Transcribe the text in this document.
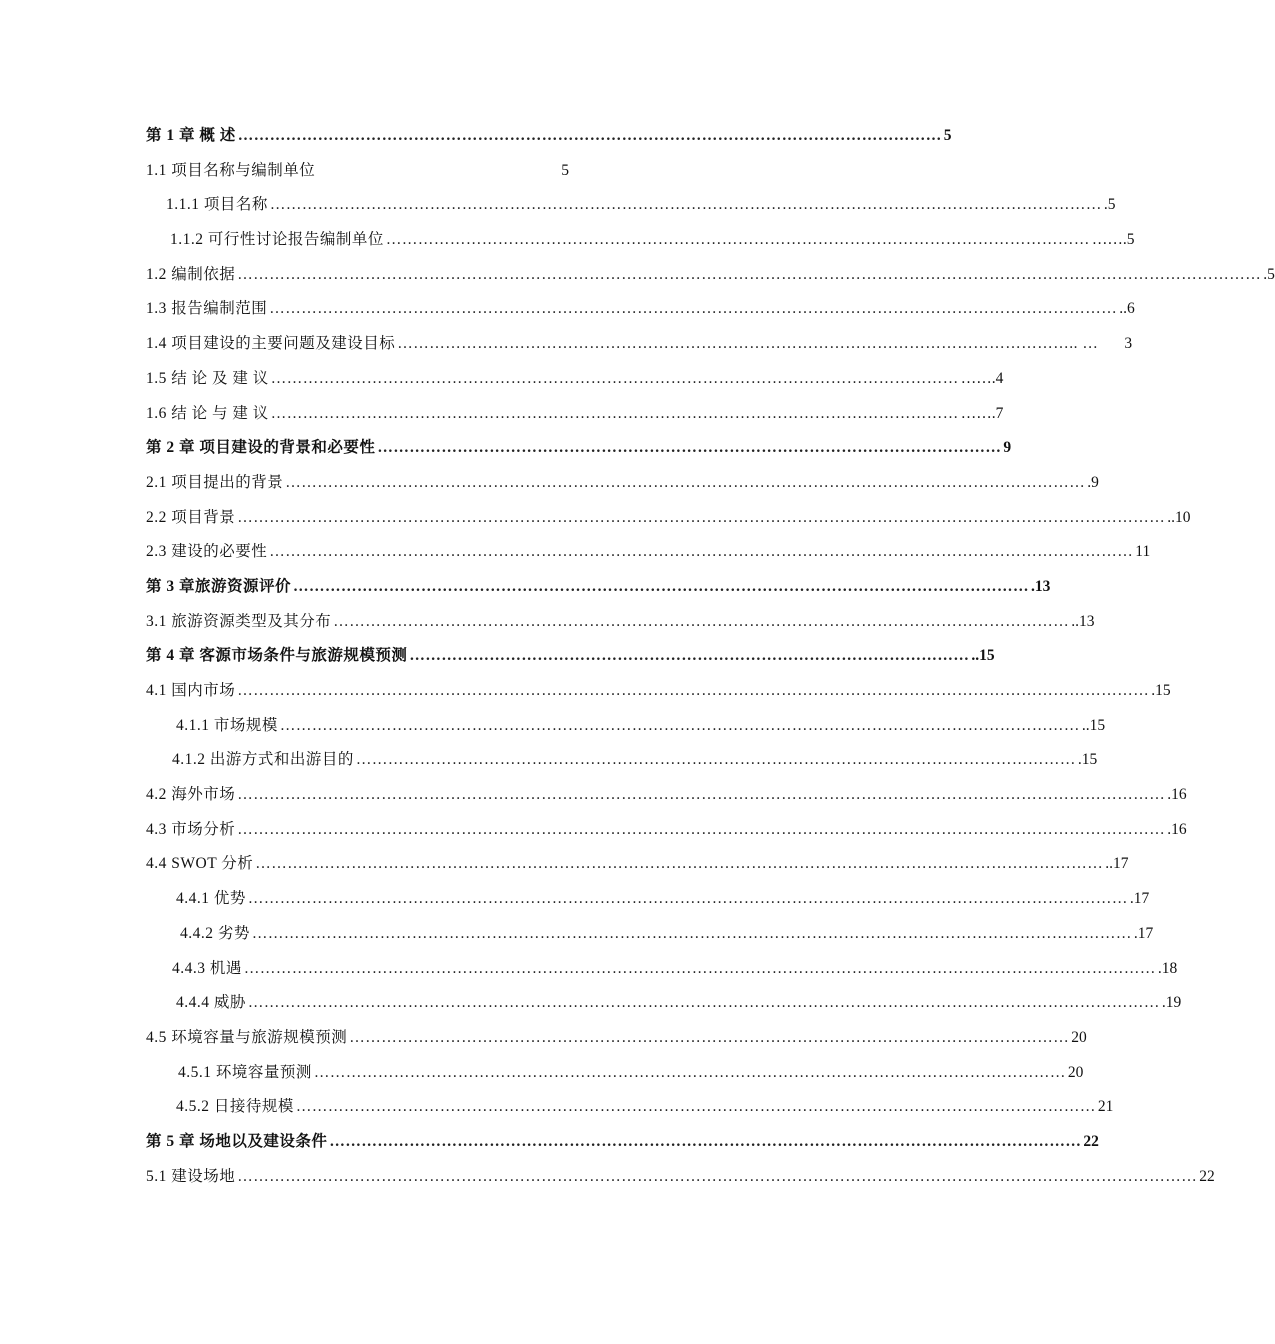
第 1 章 概 述 …………………………………………………………………………………………………………………… 5
1.1 项目名称与编制单位	5
1.1.1 项目名称 ………………………………………………………………………………………………………………………………………… .5
1.1.2 可行性讨论报告编制单位 …………………………………………………………………………………………………………………… …….5
1.2 编制依据 ………………………………………………………………………………………………………………………………………………………………………… .5
1.3 报告编制范围 …………………………………………………………………………………………………………………………………………… ..6
1.4 项目建设的主要问题及建设目标 ……………………………………………………………………………………………………………….. … 3
1.5 结 论 及 建 议 ………………………………………………………………………………………………………………… …….4
1.6 结 论 与 建 议 ………………………………………………………………………………………………………………… …….7
第 2 章 项目建设的背景和必要性 ……………………………………………………………………………………………………… 9
2.1 项目提出的背景 …………………………………………………………………………………………………………………………………… .9
2.2 项目背景 ………………………………………………………………………………………………………………………………………………………… ..10
2.3 建设的必要性 ……………………………………………………………………………………………………………………………………………… 11
第 3 章旅游资源评价 ………………………………………………………………………………………………………………………… .13
3.1 旅游资源类型及其分布 ………………………………………………………………………………………………………………………… ..13
第 4 章 客源市场条件与旅游规模预测 …………………………………………………………………………………………… ..15
4.1 国内市场 ……………………………………………………………………………………………………………………………………………………… .15
4.1.1 市场规模 …………………………………………………………………………………………………………………………………… ..15
4.1.2 出游方式和出游目的 ……………………………………………………………………………………………………………………… .15
4.2 海外市场 ………………………………………………………………………………………………………………………………………………………… .16
4.3 市场分析 ………………………………………………………………………………………………………………………………………………………… .16
4.4 SWOT 分析 …………………………………………………………………………………………………………………………………………… ..17
4.4.1 优势 ………………………………………………………………………………………………………………………………………………… .17
4.4.2 劣势 ………………………………………………………………………………………………………………………………………………… .17
4.4.3 机遇 ……………………………………………………………………………………………………………………………………………………… .18
4.4.4 威胁 ……………………………………………………………………………………………………………………………………………………… .19
4.5 环境容量与旅游规模预测 ……………………………………………………………………………………………………………………… 20
4.5.1 环境容量预测 …………………………………………………………………………………………………………………………… 20
4.5.2 日接待规模 …………………………………………………………………………………………………………………………………… 21
第 5 章 场地以及建设条件 …………………………………………………………………………………………………………………………… 22
5.1 建设场地 ……………………………………………………………………………………………………………………………………………………………… 22
